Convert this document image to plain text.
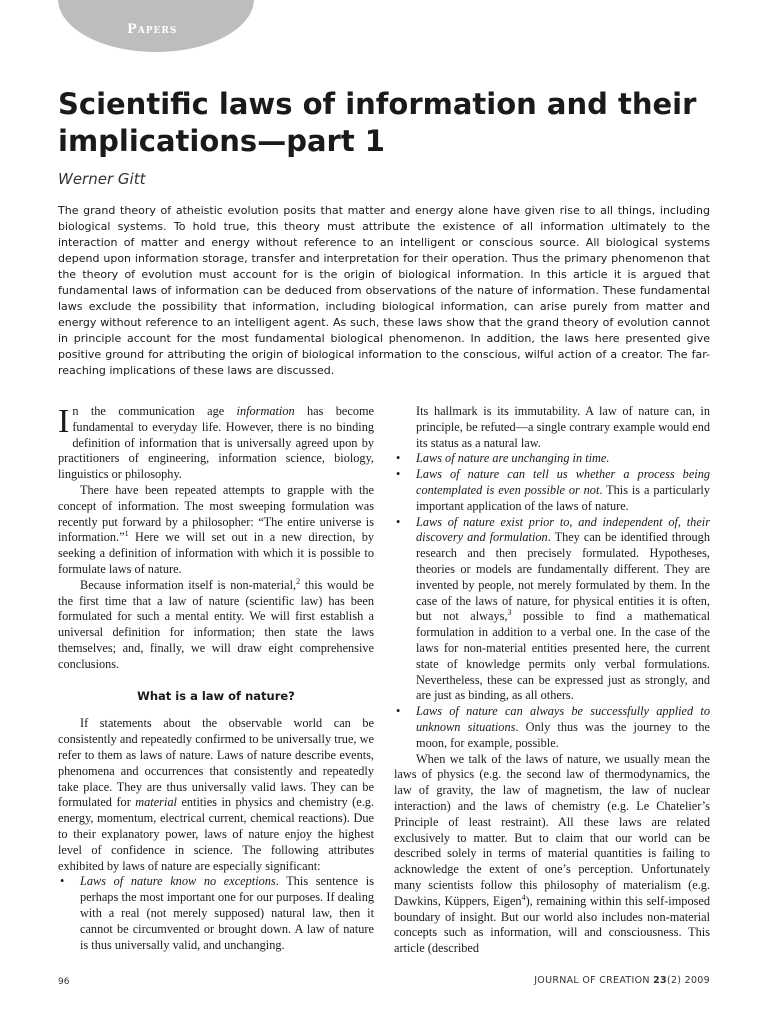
Papers
Scientific laws of information and their implications—part 1
Werner Gitt

The grand theory of atheistic evolution posits that matter and energy alone have given rise to all things, including biological systems. To hold true, this theory must attribute the existence of all information ultimately to the interaction of matter and energy without reference to an intelligent or conscious source. All biological systems depend upon information storage, transfer and interpretation for their operation. Thus the primary phenomenon that the theory of evolution must account for is the origin of biological information. In this article it is argued that fundamental laws of information can be deduced from observations of the nature of information. These fundamental laws exclude the possibility that information, including biological information, can arise purely from matter and energy without reference to an intelligent agent. As such, these laws show that the grand theory of evolution cannot in principle account for the most fundamental biological phenomenon. In addition, the laws here presented give positive ground for attributing the origin of biological information to the conscious, wilful action of a creator. The far-reaching implications of these laws are discussed.

In the communication age information has become fundamental to everyday life. However, there is no binding definition of information that is universally agreed upon by practitioners of engineering, information science, biology, linguistics or philosophy.

There have been repeated attempts to grapple with the concept of information. The most sweeping formulation was recently put forward by a philosopher: “The entire universe is information.”$^1$ Here we will set out in a new direction, by seeking a definition of information with which it is possible to formulate laws of nature.

Because information itself is non-material,$^2$ this would be the first time that a law of nature (scientific law) has been formulated for such a mental entity. We will first establish a universal definition for information; then state the laws themselves; and, finally, we will draw eight comprehensive conclusions.

What is a law of nature?

If statements about the observable world can be consistently and repeatedly confirmed to be universally true, we refer to them as laws of nature. Laws of nature describe events, phenomena and occurrences that consistently and repeatedly take place. They are thus universally valid laws. They can be formulated for material entities in physics and chemistry (e.g. energy, momentum, electrical current, chemical reactions). Due to their explanatory power, laws of nature enjoy the highest level of confidence in science. The following attributes exhibited by laws of nature are especially significant:

• Laws of nature know no exceptions. This sentence is perhaps the most important one for our purposes. If dealing with a real (not merely supposed) natural law, then it cannot be circumvented or brought down. A law of nature is thus universally valid, and unchanging.

Its hallmark is its immutability. A law of nature can, in principle, be refuted—a single contrary example would end its status as a natural law.

• Laws of nature are unchanging in time.
• Laws of nature can tell us whether a process being contemplated is even possible or not. This is a particularly important application of the laws of nature.
• Laws of nature exist prior to, and independent of, their discovery and formulation. They can be identified through research and then precisely formulated. Hypotheses, theories or models are fundamentally different. They are invented by people, not merely formulated by them. In the case of the laws of nature, for physical entities it is often, but not always,$^3$ possible to find a mathematical formulation in addition to a verbal one. In the case of the laws for non-material entities presented here, the current state of knowledge permits only verbal formulations. Nevertheless, these can be expressed just as strongly, and are just as binding, as all others.
• Laws of nature can always be successfully applied to unknown situations. Only thus was the journey to the moon, for example, possible.

When we talk of the laws of nature, we usually mean the laws of physics (e.g. the second law of thermodynamics, the law of gravity, the law of magnetism, the law of nuclear interaction) and the laws of chemistry (e.g. Le Chatelier’s Principle of least restraint). All these laws are related exclusively to matter. But to claim that our world can be described solely in terms of material quantities is failing to acknowledge the extent of one’s perception. Unfortunately many scientists follow this philosophy of materialism (e.g. Dawkins, Küppers, Eigen$^4$), remaining within this self-imposed boundary of insight. But our world also includes non-material concepts such as information, will and consciousness. This article (described

96	JOURNAL OF CREATION 23(2) 2009
